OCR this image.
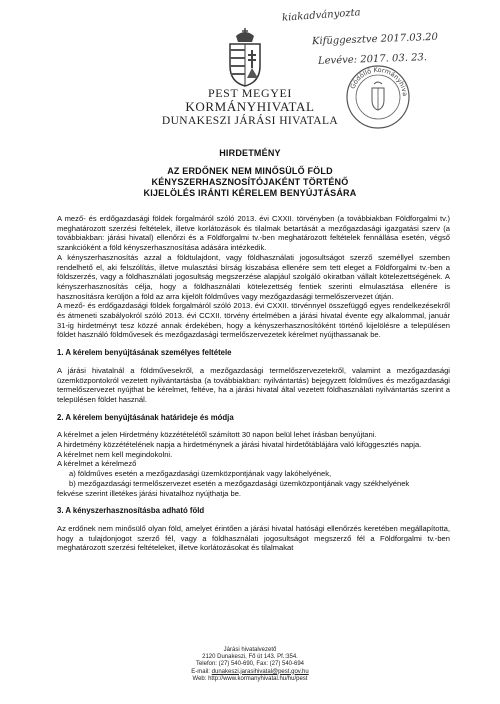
kiakadványozta
Kifüggesztve 2017.03.20
Levéve: 2017. 03. 23.
PEST MEGYEI
KORMÁNYHIVATAL
DUNAKESZI JÁRÁSI HIVATALA
Gödöllő Kormányhiva
HIRDETMÉNY
AZ ERDŐNEK NEM MINŐSÜLŐ FÖLD
KÉNYSZERHASZNOSÍTÓJAKÉNT TÖRTÉNŐ
KIJELÖLÉS IRÁNTI KÉRELEM BENYÚJTÁSÁRA

A mező- és erdőgazdasági földek forgalmáról szóló 2013. évi CXXII. törvényben (a továbbiakban Földforgalmi tv.) meghatározott szerzési feltételek, illetve korlátozások és tilalmak betartását a mezőgazdasági igazgatási szerv (a továbbiakban: járási hivatal) ellenőrzi és a Földforgalmi tv.-ben meghatározott feltételek fennállása esetén, végső szankcióként a föld kényszerhasznosítása adására intézkedik.

A kényszerhasznosítás azzal a földtulajdont, vagy földhasználati jogosultságot szerző személlyel szemben rendelhető el, aki felszólítás, illetve mulasztási bírság kiszabása ellenére sem tett eleget a Földforgalmi tv.-ben a földszerzés, vagy a földhasználati jogosultság megszerzése alapjául szolgáló okiratban vállalt kötelezettségének. A kényszerhasznosítás célja, hogy a földhasználati kötelezettség fentiek szerinti elmulasztása ellenére is hasznosításra kerüljön a föld az arra kijelölt földműves vagy mezőgazdasági termelőszervezet útján.

A mező- és erdőgazdasági földek forgalmáról szóló 2013. évi CXXII. törvénnyel összefüggő egyes rendelkezésekről és átmeneti szabályokról szóló 2013. évi CCXII. törvény értelmében a járási hivatal évente egy alkalommal, január 31-ig hirdetményt tesz közzé annak érdekében, hogy a kényszerhasznosítóként történő kijelölésre a településen földet használó földművesek és mezőgazdasági termelőszervezetek kérelmet nyújthassanak be.

1. A kérelem benyújtásának személyes feltétele

A járási hivatalnál a földművesekről, a mezőgazdasági termelőszervezetekről, valamint a mezőgazdasági üzemközpontokról vezetett nyilvántartásba (a továbbiakban: nyilvántartás) bejegyzett földműves és mezőgazdasági termelőszervezet nyújthat be kérelmet, feltéve, ha a járási hivatal által vezetett földhasználati nyilvántartás szerint a településen földet használ.

2. A kérelem benyújtásának határideje és módja

A kérelmet a jelen Hirdetmény közzétételétől számított 30 napon belül lehet írásban benyújtani.

A hirdetmény közzétételének napja a hirdetménynek a járási hivatal hirdetőtáblájára való kifüggesztés napja.

A kérelmet nem kell megindokolni.

A kérelmet a kérelmező

a) földműves esetén a mezőgazdasági üzemközpontjának vagy lakóhelyének,

b) mezőgazdasági termelőszervezet esetén a mezőgazdasági üzemközpontjának vagy székhelyének

fekvése szerint illetékes járási hivatalhoz nyújthatja be.

3. A kényszerhasznosításba adható föld

Az erdőnek nem minősülő olyan föld, amelyet érintően a járási hivatal hatósági ellenőrzés keretében megállapította, hogy a tulajdonjogot szerző fél, vagy a földhasználati jogosultságot megszerző fél a Földforgalmi tv.-ben meghatározott szerzési feltételeket, illetve korlátozásokat és tilalmakat

Járási hivatalvezető
2120 Dunakeszi, Fő út 143. Pf.:354.
Telefon: (27) 540-690, Fax: (27) 540-694
E-mail: dunakeszi.jarasihivatal@pest.gov.hu
Web: http://www.kormanyhivatal.hu/hu/pest
